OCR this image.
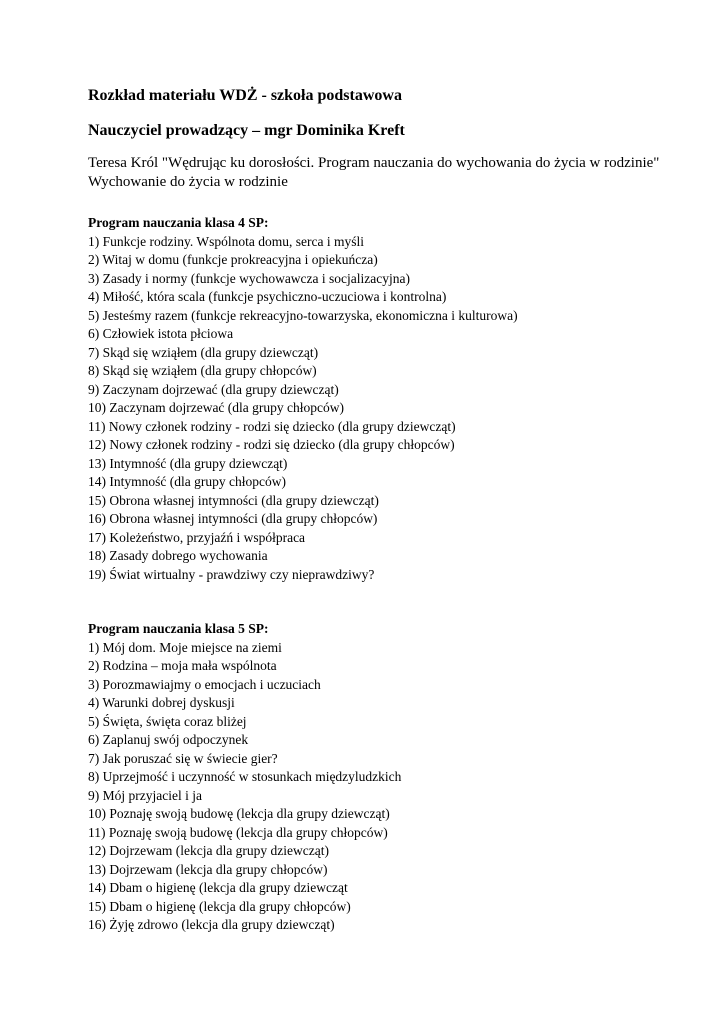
Rozkład materiału WDŻ - szkoła podstawowa

Nauczyciel prowadzący – mgr Dominika Kreft

Teresa Król "Wędrując ku dorosłości. Program nauczania do wychowania do życia w rodzinie"

Wychowanie do życia w rodzinie

Program nauczania klasa 4 SP:

1) Funkcje rodziny. Wspólnota domu, serca i myśli
2) Witaj w domu (funkcje prokreacyjna i opiekuńcza)
3) Zasady i normy (funkcje wychowawcza i socjalizacyjna)
4) Miłość, która scala (funkcje psychiczno-uczuciowa i kontrolna)
5) Jesteśmy razem (funkcje rekreacyjno-towarzyska, ekonomiczna i kulturowa)
6) Człowiek istota płciowa
7) Skąd się wziąłem (dla grupy dziewcząt)
8) Skąd się wziąłem (dla grupy chłopców)
9) Zaczynam dojrzewać (dla grupy dziewcząt)
10) Zaczynam dojrzewać (dla grupy chłopców)
11) Nowy członek rodziny - rodzi się dziecko (dla grupy dziewcząt)
12) Nowy członek rodziny - rodzi się dziecko (dla grupy chłopców)
13) Intymność (dla grupy dziewcząt)
14) Intymność (dla grupy chłopców)
15) Obrona własnej intymności (dla grupy dziewcząt)
16) Obrona własnej intymności (dla grupy chłopców)
17) Koleżeństwo, przyjaźń i współpraca
18) Zasady dobrego wychowania
19) Świat wirtualny - prawdziwy czy nieprawdziwy?

Program nauczania klasa 5 SP:

1) Mój dom. Moje miejsce na ziemi
2) Rodzina – moja mała wspólnota
3) Porozmawiajmy o emocjach i uczuciach
4) Warunki dobrej dyskusji
5) Święta, święta coraz bliżej
6) Zaplanuj swój odpoczynek
7) Jak poruszać się w świecie gier?
8) Uprzejmość i uczynność w stosunkach międzyludzkich
9) Mój przyjaciel i ja
10) Poznaję swoją budowę (lekcja dla grupy dziewcząt)
11) Poznaję swoją budowę (lekcja dla grupy chłopców)
12) Dojrzewam (lekcja dla grupy dziewcząt)
13) Dojrzewam (lekcja dla grupy chłopców)
14) Dbam o higienę (lekcja dla grupy dziewcząt
15) Dbam o higienę (lekcja dla grupy chłopców)
16) Żyję zdrowo (lekcja dla grupy dziewcząt)
